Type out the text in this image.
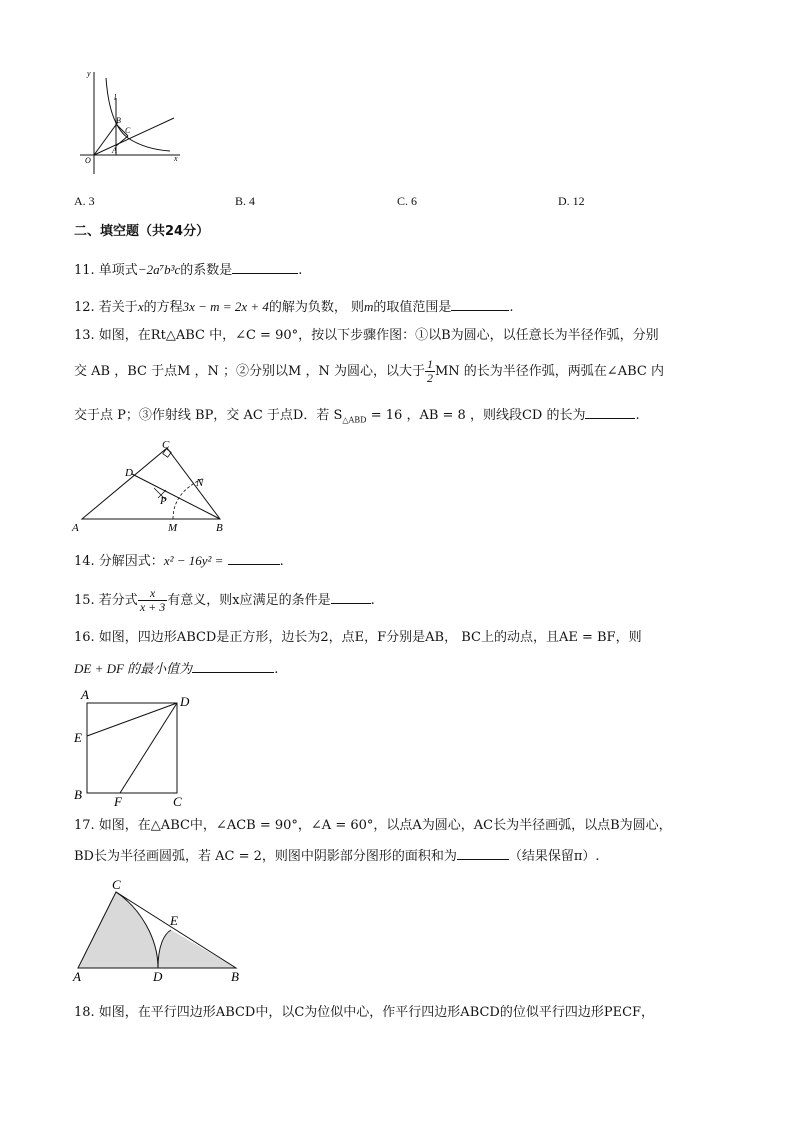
y
l
B
C
O
A
x
A. 3	B. 4	C. 6	D. 12
二、填空题（共24分）
11. 单项式−2a⁷b³c的系数是	.
12. 若关于x的方程3x − m = 2x + 4的解为负数， 则m的取值范围是	.
13. 如图，在Rt△ABC 中，∠C = 90°，按以下步骤作图：①以B为圆心，以任意长为半径作弧，分别
交 AB ，BC 于点M ，N ；②分别以M ，N 为圆心，以大于 $\frac{1}{2}$ MN 的长为半径作弧，两弧在∠ABC 内
交于点 P；③作射线 BP，交 AC 于点D．若 $S_{\triangle ABD} = 16$ ，AB = 8 ，则线段CD 的长为	.
C
D
N
P
A	M	B
14. 分解因式：x² − 16y² =	.
15. 若分式 $\frac{x}{x + 3}$ 有意义，则x应满足的条件是	.
16. 如图，四边形ABCD是正方形，边长为2，点E，F分别是AB， BC上的动点，且AE = BF，则
DE + DF 的最小值为	.
A	D
E
B F	C
17. 如图，在△ABC中，∠ACB = 90°，∠A = 60°，以点A为圆心，AC长为半径画弧，以点B为圆心，
BD长为半径画圆弧，若 AC = 2，则图中阴影部分图形的面积和为	（结果保留π）.
C
E
A	D	B
18. 如图，在平行四边形ABCD中，以C为位似中心，作平行四边形ABCD的位似平行四边形PECF，
